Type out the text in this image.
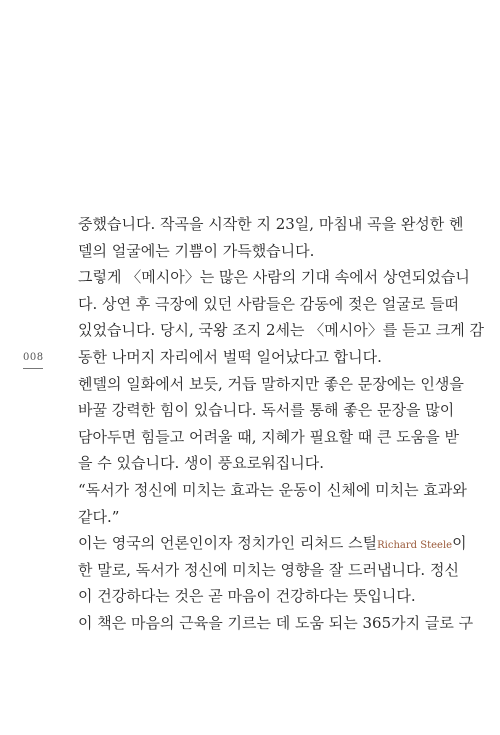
008
중했습니다. 작곡을 시작한 지 23일, 마침내 곡을 완성한 헨
델의 얼굴에는 기쁨이 가득했습니다.
그렇게 〈메시아〉는 많은 사람의 기대 속에서 상연되었습니
다. 상연 후 극장에 있던 사람들은 감동에 젖은 얼굴로 들떠
있었습니다. 당시, 국왕 조지 2세는 〈메시아〉를 듣고 크게 감
동한 나머지 자리에서 벌떡 일어났다고 합니다.
헨델의 일화에서 보듯, 거듭 말하지만 좋은 문장에는 인생을
바꿀 강력한 힘이 있습니다. 독서를 통해 좋은 문장을 많이
담아두면 힘들고 어려울 때, 지혜가 필요할 때 큰 도움을 받
을 수 있습니다. 생이 풍요로워집니다.
“독서가 정신에 미치는 효과는 운동이 신체에 미치는 효과와
같다.”
이는 영국의 언론인이자 정치가인 리처드 스틸Richard Steele이
한 말로, 독서가 정신에 미치는 영향을 잘 드러냅니다. 정신
이 건강하다는 것은 곧 마음이 건강하다는 뜻입니다.
이 책은 마음의 근육을 기르는 데 도움 되는 365가지 글로 구
